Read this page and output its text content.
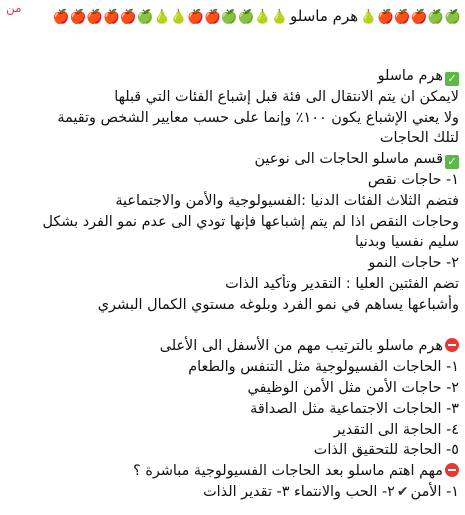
ﻣﻦ
🍏🍏🍎🍎🍎🍐هرم ماسلو🍐🍐🍏🍏🍎🍎🍐🍐🍏🍎🍎🍎🍎🍎
✓هرم ماسلو
لايمكن ان يتم الانتقال الى فئة قبل إشباع الفئات التي قبلها
ولا يعني الإشباع يكون ١٠٠٪ وإنما على حسب معايير الشخص وتقيمة
لتلك الحاجات
✓قسم ماسلو الحاجات الى نوعين
١- حاجات نقص
فتضم الثلاث الفئات الدنيا :الفسيولوجية والأمن والاجتماعية
وحاجات النقص اذا لم يتم إشباعها فإنها تودي الى عدم نمو الفرد بشكل
سليم نفسيا وبدنيا
٢- حاجات النمو
تضم الفئتين العليا : التقدير وتأكيد الذات
وأشباعها يساهم في نمو الفرد وبلوغه مستوي الكمال البشري
هرم ماسلو بالترتيب مهم من الأسفل الى الأعلى
١- الحاجات الفسيولوجية مثل التنفس والطعام
٢- حاجات الأمن مثل الأمن الوظيفي
٣- الحاجات الاجتماعية مثل الصداقة
٤- الحاجة الى التقدير
٥- الحاجة للتحقيق الذات
مهم اهتم ماسلو بعد الحاجات الفسيولوجية مباشرة ؟
١- الأمن✔٢- الحب والانتماء ٣- تقدير الذات
